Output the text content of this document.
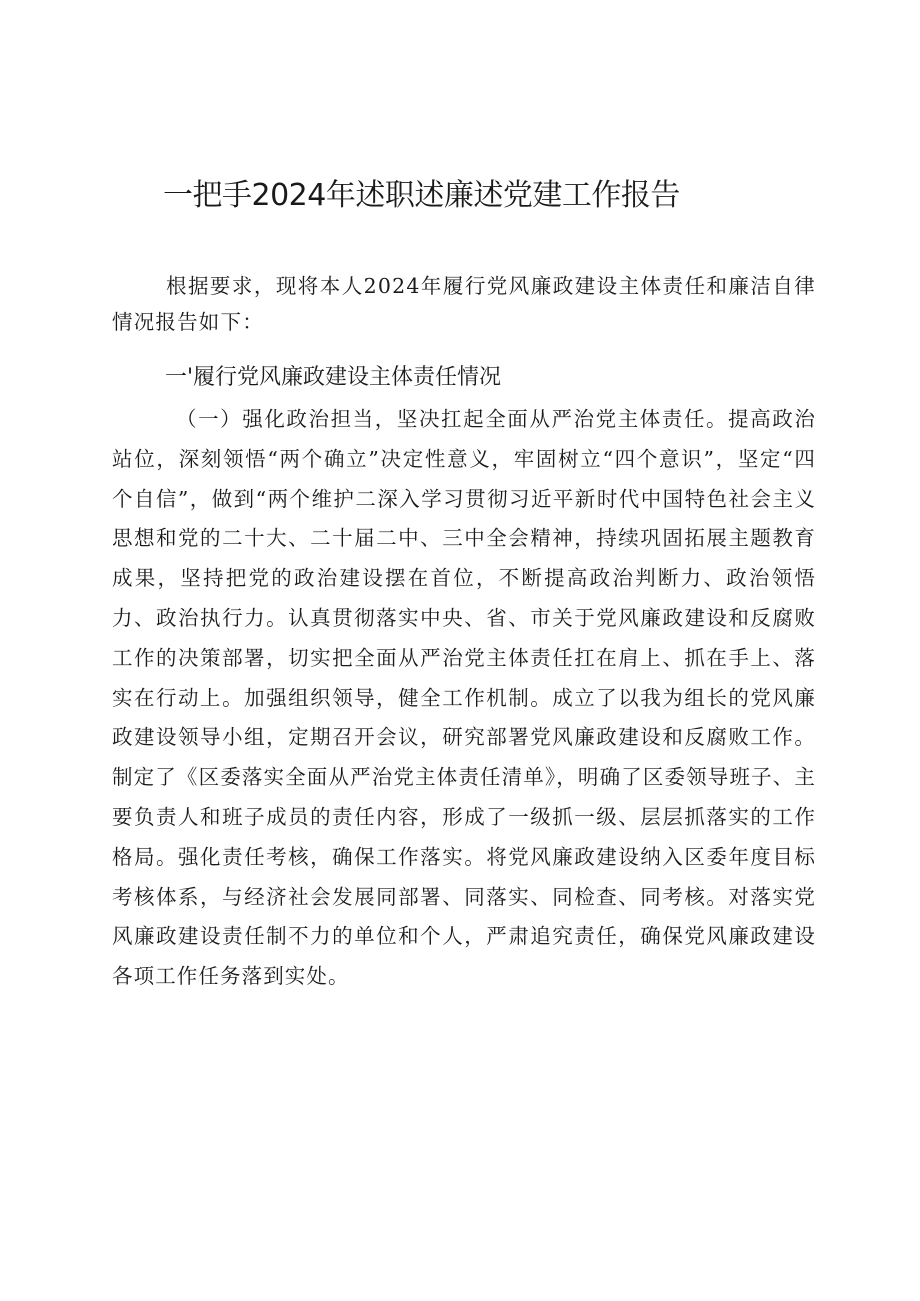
一把手2024年述职述廉述党建工作报告

根据要求，现将本人2024年履行党风廉政建设主体责任和廉洁自律情况报告如下：

一'履行党风廉政建设主体责任情况

（一）强化政治担当，坚决扛起全面从严治党主体责任。提高政治站位，深刻领悟“两个确立”决定性意义，牢固树立“四个意识”，坚定“四个自信”，做到“两个维护二深入学习贯彻习近平新时代中国特色社会主义思想和党的二十大、二十届二中、三中全会精神，持续巩固拓展主题教育成果，坚持把党的政治建设摆在首位，不断提高政治判断力、政治领悟力、政治执行力。认真贯彻落实中央、省、市关于党风廉政建设和反腐败工作的决策部署，切实把全面从严治党主体责任扛在肩上、抓在手上、落实在行动上。加强组织领导，健全工作机制。成立了以我为组长的党风廉政建设领导小组，定期召开会议，研究部署党风廉政建设和反腐败工作。制定了《区委落实全面从严治党主体责任清单》，明确了区委领导班子、主要负责人和班子成员的责任内容，形成了一级抓一级、层层抓落实的工作格局。强化责任考核，确保工作落实。将党风廉政建设纳入区委年度目标考核体系，与经济社会发展同部署、同落实、同检查、同考核。对落实党风廉政建设责任制不力的单位和个人，严肃追究责任，确保党风廉政建设各项工作任务落到实处。
